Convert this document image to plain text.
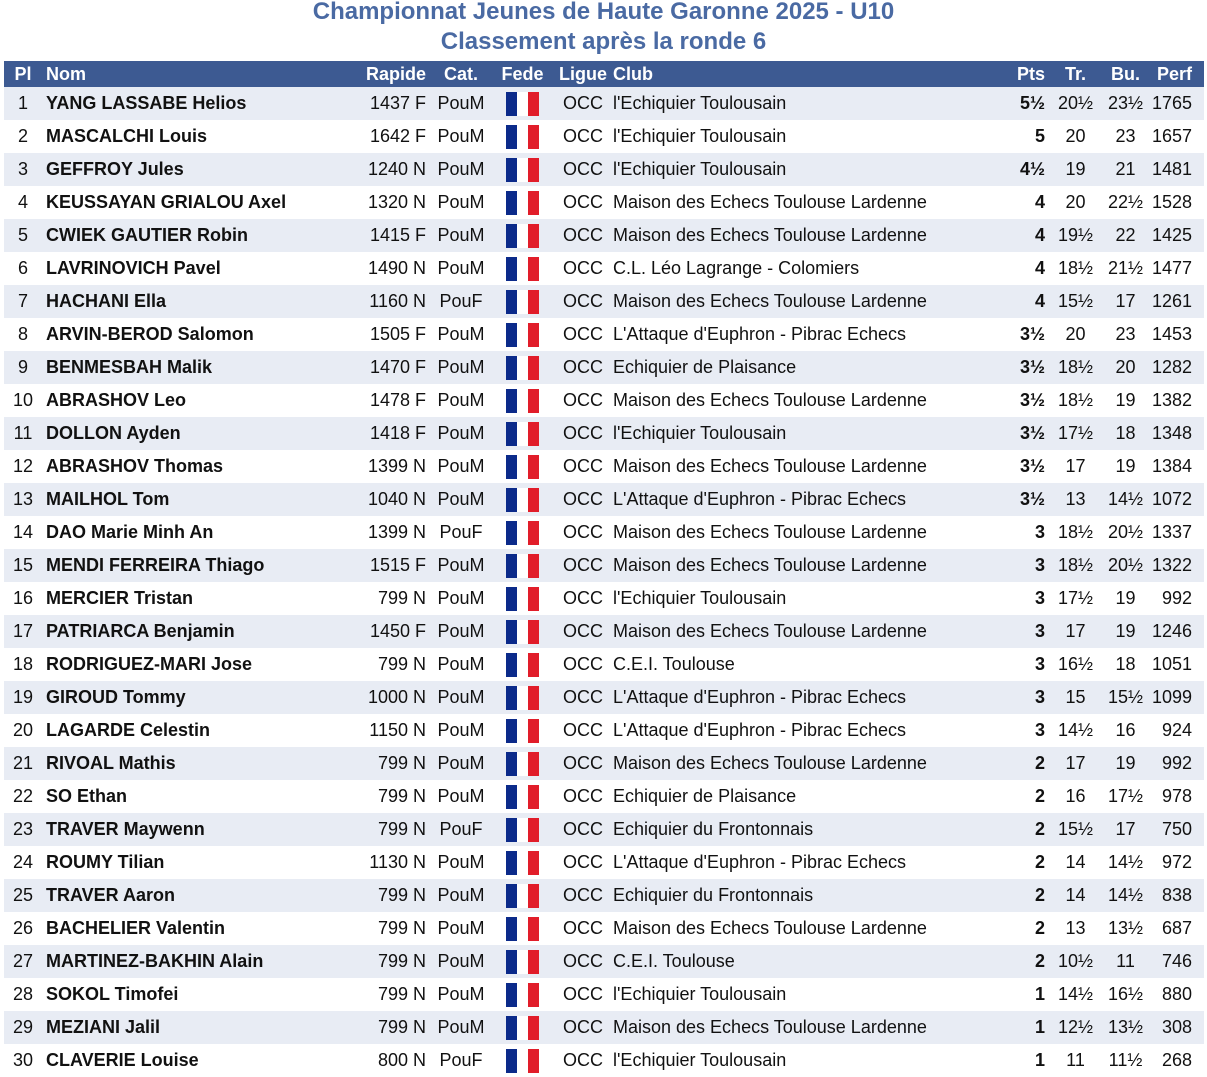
Championnat Jeunes de Haute Garonne 2025 - U10
Classement après la ronde 6
Pl	Nom	Rapide	Cat.	Fede	Ligue	Club	Pts	Tr.	Bu.	Perf
1	YANG LASSABE Helios	1437 F	PouM		OCC	l'Echiquier Toulousain	5½	20½	23½	1765
2	MASCALCHI Louis	1642 F	PouM		OCC	l'Echiquier Toulousain	5	20	23	1657
3	GEFFROY Jules	1240 N	PouM		OCC	l'Echiquier Toulousain	4½	19	21	1481
4	KEUSSAYAN GRIALOU Axel	1320 N	PouM		OCC	Maison des Echecs Toulouse Lardenne	4	20	22½	1528
5	CWIEK GAUTIER Robin	1415 F	PouM		OCC	Maison des Echecs Toulouse Lardenne	4	19½	22	1425
6	LAVRINOVICH Pavel	1490 N	PouM		OCC	C.L. Léo Lagrange - Colomiers	4	18½	21½	1477
7	HACHANI Ella	1160 N	PouF		OCC	Maison des Echecs Toulouse Lardenne	4	15½	17	1261
8	ARVIN-BEROD Salomon	1505 F	PouM		OCC	L'Attaque d'Euphron - Pibrac Echecs	3½	20	23	1453
9	BENMESBAH Malik	1470 F	PouM		OCC	Echiquier de Plaisance	3½	18½	20	1282
10	ABRASHOV Leo	1478 F	PouM		OCC	Maison des Echecs Toulouse Lardenne	3½	18½	19	1382
11	DOLLON Ayden	1418 F	PouM		OCC	l'Echiquier Toulousain	3½	17½	18	1348
12	ABRASHOV Thomas	1399 N	PouM		OCC	Maison des Echecs Toulouse Lardenne	3½	17	19	1384
13	MAILHOL Tom	1040 N	PouM		OCC	L'Attaque d'Euphron - Pibrac Echecs	3½	13	14½	1072
14	DAO Marie Minh An	1399 N	PouF		OCC	Maison des Echecs Toulouse Lardenne	3	18½	20½	1337
15	MENDI FERREIRA Thiago	1515 F	PouM		OCC	Maison des Echecs Toulouse Lardenne	3	18½	20½	1322
16	MERCIER Tristan	799 N	PouM		OCC	l'Echiquier Toulousain	3	17½	19	992
17	PATRIARCA Benjamin	1450 F	PouM		OCC	Maison des Echecs Toulouse Lardenne	3	17	19	1246
18	RODRIGUEZ-MARI Jose	799 N	PouM		OCC	C.E.I. Toulouse	3	16½	18	1051
19	GIROUD Tommy	1000 N	PouM		OCC	L'Attaque d'Euphron - Pibrac Echecs	3	15	15½	1099
20	LAGARDE Celestin	1150 N	PouM		OCC	L'Attaque d'Euphron - Pibrac Echecs	3	14½	16	924
21	RIVOAL Mathis	799 N	PouM		OCC	Maison des Echecs Toulouse Lardenne	2	17	19	992
22	SO Ethan	799 N	PouM		OCC	Echiquier de Plaisance	2	16	17½	978
23	TRAVER Maywenn	799 N	PouF		OCC	Echiquier du Frontonnais	2	15½	17	750
24	ROUMY Tilian	1130 N	PouM		OCC	L'Attaque d'Euphron - Pibrac Echecs	2	14	14½	972
25	TRAVER Aaron	799 N	PouM		OCC	Echiquier du Frontonnais	2	14	14½	838
26	BACHELIER Valentin	799 N	PouM		OCC	Maison des Echecs Toulouse Lardenne	2	13	13½	687
27	MARTINEZ-BAKHIN Alain	799 N	PouM		OCC	C.E.I. Toulouse	2	10½	11	746
28	SOKOL Timofei	799 N	PouM		OCC	l'Echiquier Toulousain	1	14½	16½	880
29	MEZIANI Jalil	799 N	PouM		OCC	Maison des Echecs Toulouse Lardenne	1	12½	13½	308
30	CLAVERIE Louise	800 N	PouF		OCC	l'Echiquier Toulousain	1	11	11½	268
